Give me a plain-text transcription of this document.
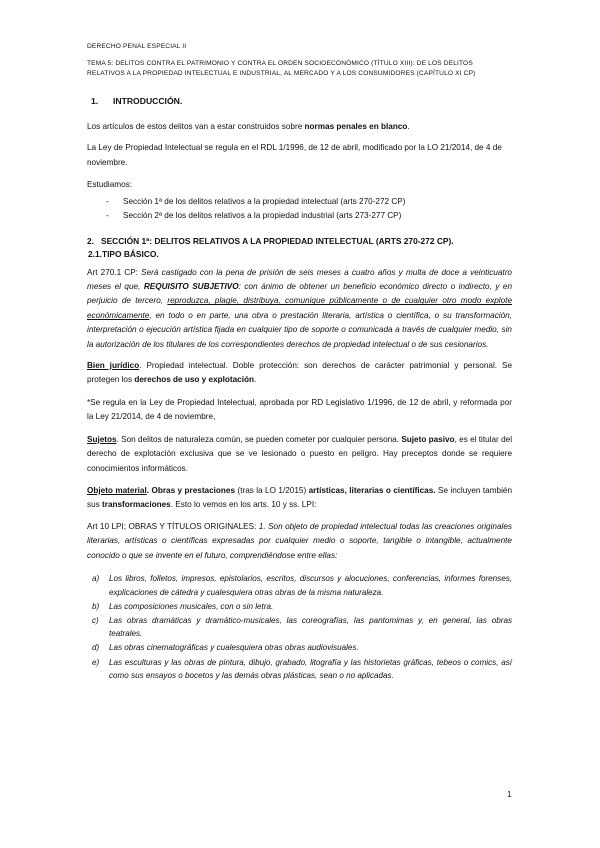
DERECHO PENAL ESPECIAL II
TEMA 5: DELITOS CONTRA EL PATRIMONIO Y CONTRA EL ORDEN SOCIOECONÓMICO (TÍTULO XIII): DE LOS DELITOS RELATIVOS A LA PROPIEDAD INTELECTUAL E INDUSTRIAL, AL MERCADO Y A LOS CONSUMIDORES (CAPÍTULO XI CP)
1. INTRODUCCIÓN.

Los artículos de estos delitos van a estar construidos sobre normas penales en blanco.

La Ley de Propiedad Intelectual se regula en el RDL 1/1996, de 12 de abril, modificado por la LO 21/2014, de 4 de noviembre.

Estudiamos:

- Sección 1ª de los delitos relativos a la propiedad intelectual (arts 270-272 CP)
- Sección 2ª de los delitos relativos a la propiedad industrial (arts 273-277 CP)
2. SECCIÓN 1ª: DELITOS RELATIVOS A LA PROPIEDAD INTELECTUAL (ARTS 270-272 CP).
2.1.TIPO BÁSICO.

Art 270.1 CP: Será castigado con la pena de prisión de seis meses a cuatro años y multa de doce a veinticuatro meses el que, REQUISITO SUBJETIVO: con ánimo de obtener un beneficio económico directo o indirecto, y en perjuicio de tercero, reproduzca, plagie, distribuya, comunique públicamente o de cualquier otro modo explote económicamente, en todo o en parte, una obra o prestación literaria, artística o científica, o su transformación, interpretación o ejecución artística fijada en cualquier tipo de soporte o comunicada a través de cualquier medio, sin la autorización de los titulares de los correspondientes derechos de propiedad intelectual o de sus cesionarios.

Bien jurídico. Propiedad intelectual. Doble protección: son derechos de carácter patrimonial y personal. Se protegen los derechos de uso y explotación.

*Se regula en la Ley de Propiedad Intelectual, aprobada por RD Legislativo 1/1996, de 12 de abril, y reformada por la Ley 21/2014, de 4 de noviembre,

Sujetos. Son delitos de naturaleza común, se pueden cometer por cualquier persona. Sujeto pasivo, es el titular del derecho de explotación exclusiva que se ve lesionado o puesto en peligro. Hay preceptos donde se requiere conocimientos informáticos.

Objeto material. Obras y prestaciones (tras la LO 1/2015) artísticas, literarias o científicas. Se incluyen también sus transformaciones. Esto lo vemos en los arts. 10 y ss. LPI:

Art 10 LPI; OBRAS Y TÍTULOS ORIGINALES: 1. Son objeto de propiedad intelectual todas las creaciones originales literarias, artísticas o científicas expresadas por cualquier medio o soporte, tangible o intangible, actualmente conocido o que se invente en el futuro, comprendiéndose entre ellas:

a) Los libros, folletos, impresos, epistolarios, escritos, discursos y alocuciones, conferencias, informes forenses, explicaciones de cátedra y cualesquiera otras obras de la misma naturaleza.
b) Las composiciones musicales, con o sin letra.
c) Las obras dramáticas y dramático-musicales, las coreografías, las pantomimas y, en general, las obras teatrales.
d) Las obras cinematográficas y cualesquiera otras obras audiovisuales.
e) Las esculturas y las obras de pintura, dibujo, grabado, litografía y las historietas gráficas, tebeos o comics, así como sus ensayos o bocetos y las demás obras plásticas, sean o no aplicadas.
1
